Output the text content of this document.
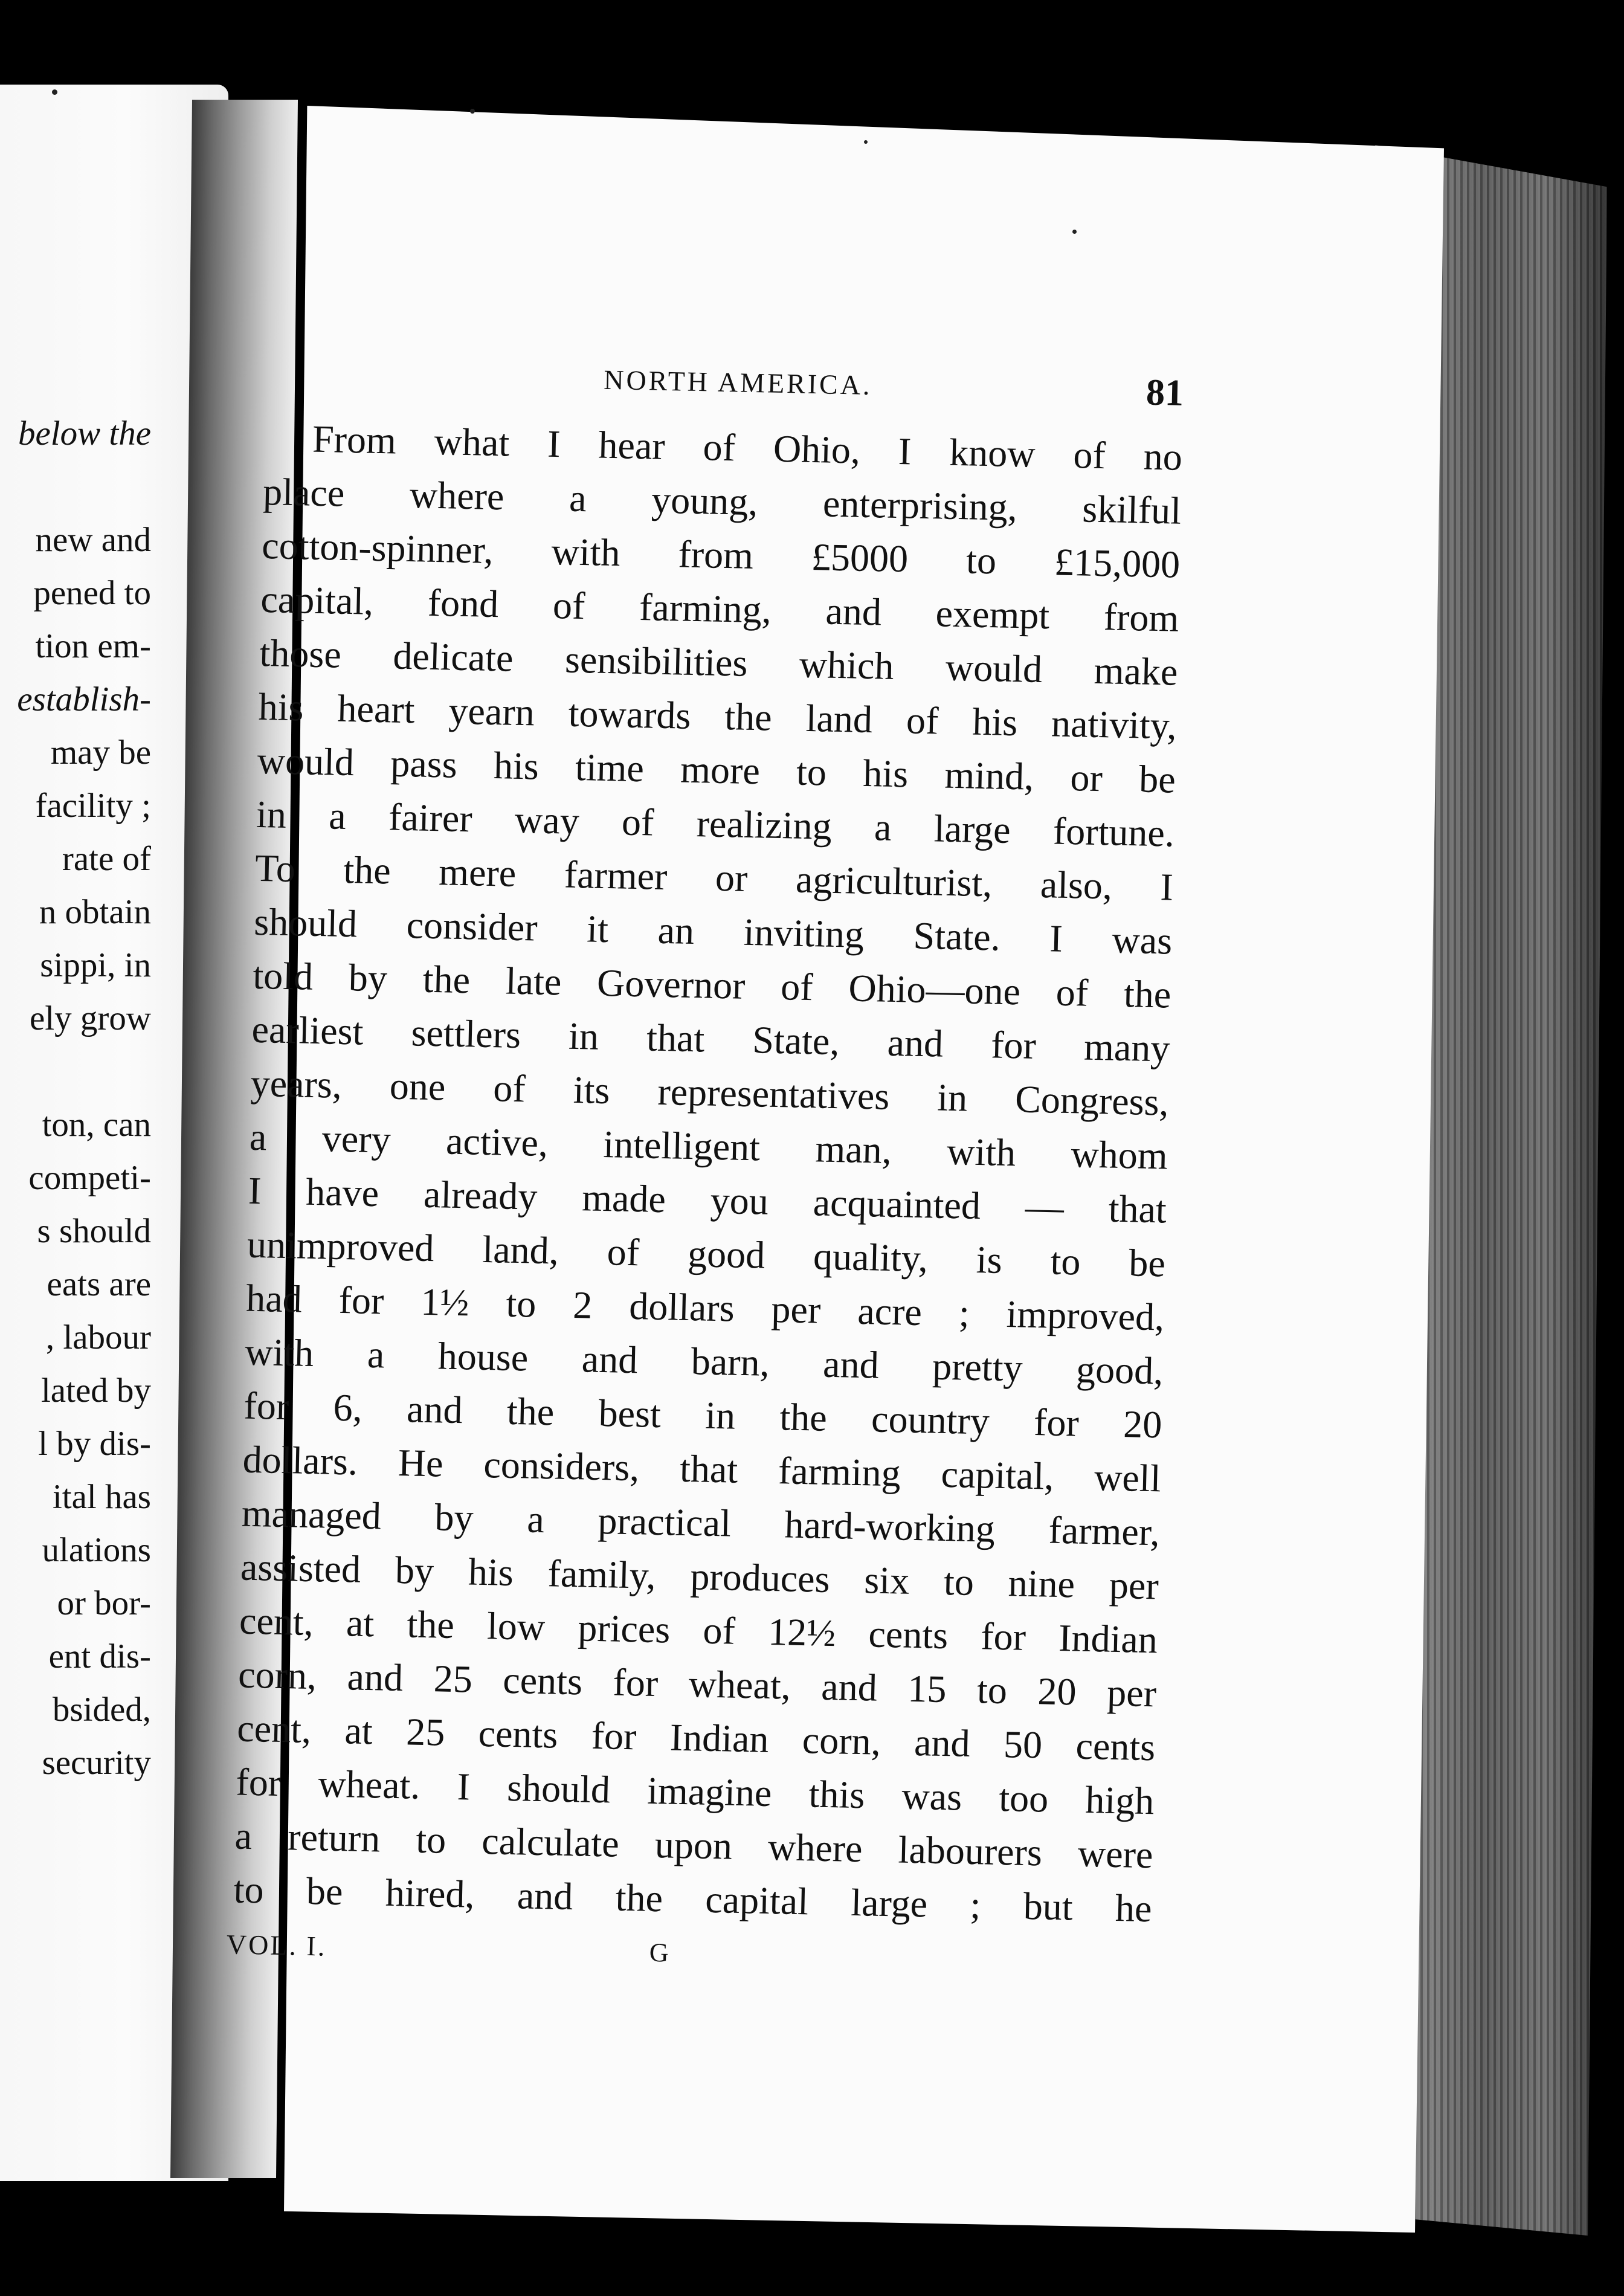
below the
new and
pened to
tion em-
establish-
may be
facility ;
rate of
n obtain
sippi, in
ely grow
ton, can
competi-
s should
eats are
, labour
lated by
l by dis-
ital has
ulations
or bor-
ent dis-
bsided,
security
NORTH AMERICA.	81
From what I hear of Ohio, I know of no
place where a young, enterprising, skilful
cotton-spinner, with from £5000 to £15,000
capital, fond of farming, and exempt from
those delicate sensibilities which would make
his heart yearn towards the land of his nativity,
would pass his time more to his mind, or be
in a fairer way of realizing a large fortune.
To the mere farmer or agriculturist, also, I
should consider it an inviting State. I was
told by the late Governor of Ohio—one of the
earliest settlers in that State, and for many
years, one of its representatives in Congress,
a very active, intelligent man, with whom
I have already made you acquainted — that
unimproved land, of good quality, is to be
had for 1½ to 2 dollars per acre ; improved,
with a house and barn, and pretty good,
for 6, and the best in the country for 20
dollars. He considers, that farming capital, well
managed by a practical hard-working farmer,
assisted by his family, produces six to nine per
cent, at the low prices of 12½ cents for Indian
corn, and 25 cents for wheat, and 15 to 20 per
cent, at 25 cents for Indian corn, and 50 cents
for wheat. I should imagine this was too high
a return to calculate upon where labourers were
to be hired, and the capital large ; but he
VOL. I.	G
